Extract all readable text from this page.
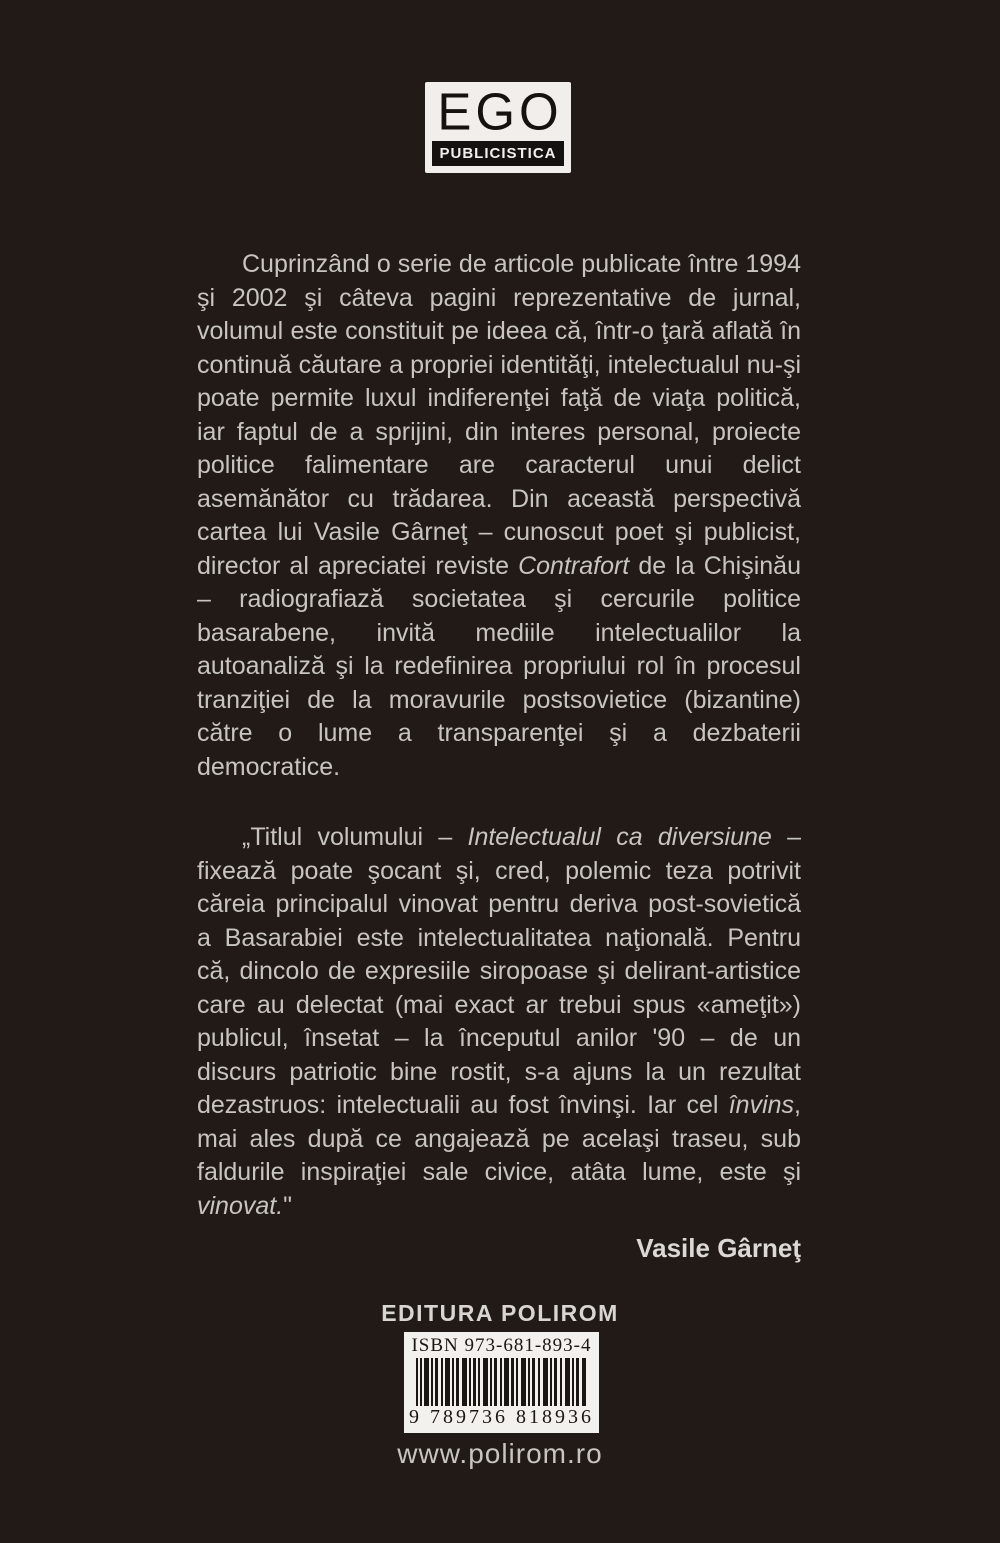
EGO
PUBLICISTICA

Cuprinzând o serie de articole publicate între 1994 şi 2002 şi câteva pagini reprezentative de jurnal, volumul este constituit pe ideea că, într-o ţară aflată în continuă căutare a propriei identităţi, intelectualul nu-şi poate permite luxul indiferenţei faţă de viaţa politică, iar faptul de a sprijini, din interes personal, proiecte politice falimentare are caracterul unui delict asemănător cu trădarea. Din această perspectivă cartea lui Vasile Gârneţ – cunoscut poet şi publicist, director al apreciatei reviste Contrafort de la Chişinău – radiografiază societatea şi cercurile politice basarabene, invită mediile intelectualilor la autoanaliză şi la redefinirea propriului rol în procesul tranziţiei de la moravurile postsovietice (bizantine) către o lume a transparenţei şi a dezbaterii democratice.

„Titlul volumului – Intelectualul ca diversiune – fixează poate şocant şi, cred, polemic teza potrivit căreia principalul vinovat pentru deriva post-sovietică a Basarabiei este intelectualitatea naţională. Pentru că, dincolo de expresiile siropoase şi delirant-artistice care au delectat (mai exact ar trebui spus «ameţit») publicul, însetat – la începutul anilor '90 – de un discurs patriotic bine rostit, s-a ajuns la un rezultat dezastruos: intelectualii au fost învinşi. Iar cel învins, mai ales după ce angajează pe acelaşi traseu, sub faldurile inspiraţiei sale civice, atâta lume, este şi vinovat."

Vasile Gârneţ
EDITURA POLIROM
ISBN 973-681-893-4
9 789736 818936
www.polirom.ro
